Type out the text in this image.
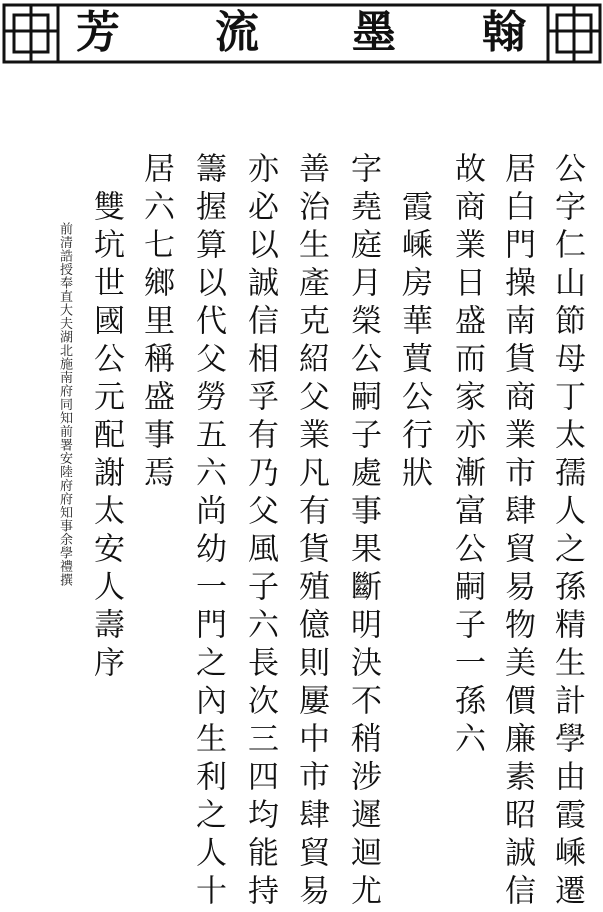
翰
墨
流
芳
公字仁山節母丁太孺人之孫精生計學由霞嵊遷
居白門操南貨商業市肆貿易物美價廉素昭誠信
故商業日盛而家亦漸富公嗣子一孫六
霞嵊房華蕒公行狀
字堯庭月榮公嗣子處事果斷明決不稍涉遲迴尤
善治生產克紹父業凡有貨殖億則屢中市肆貿易
亦必以誠信相孚有乃父風子六長次三四均能持
籌握算以代父勞五六尚幼一門之內生利之人十
居六七鄉里稱盛事焉
雙坑世國公元配謝太安人壽序
前清誥授奉直大夫湖北施南府同知前署安陸府府知事余學禮撰
